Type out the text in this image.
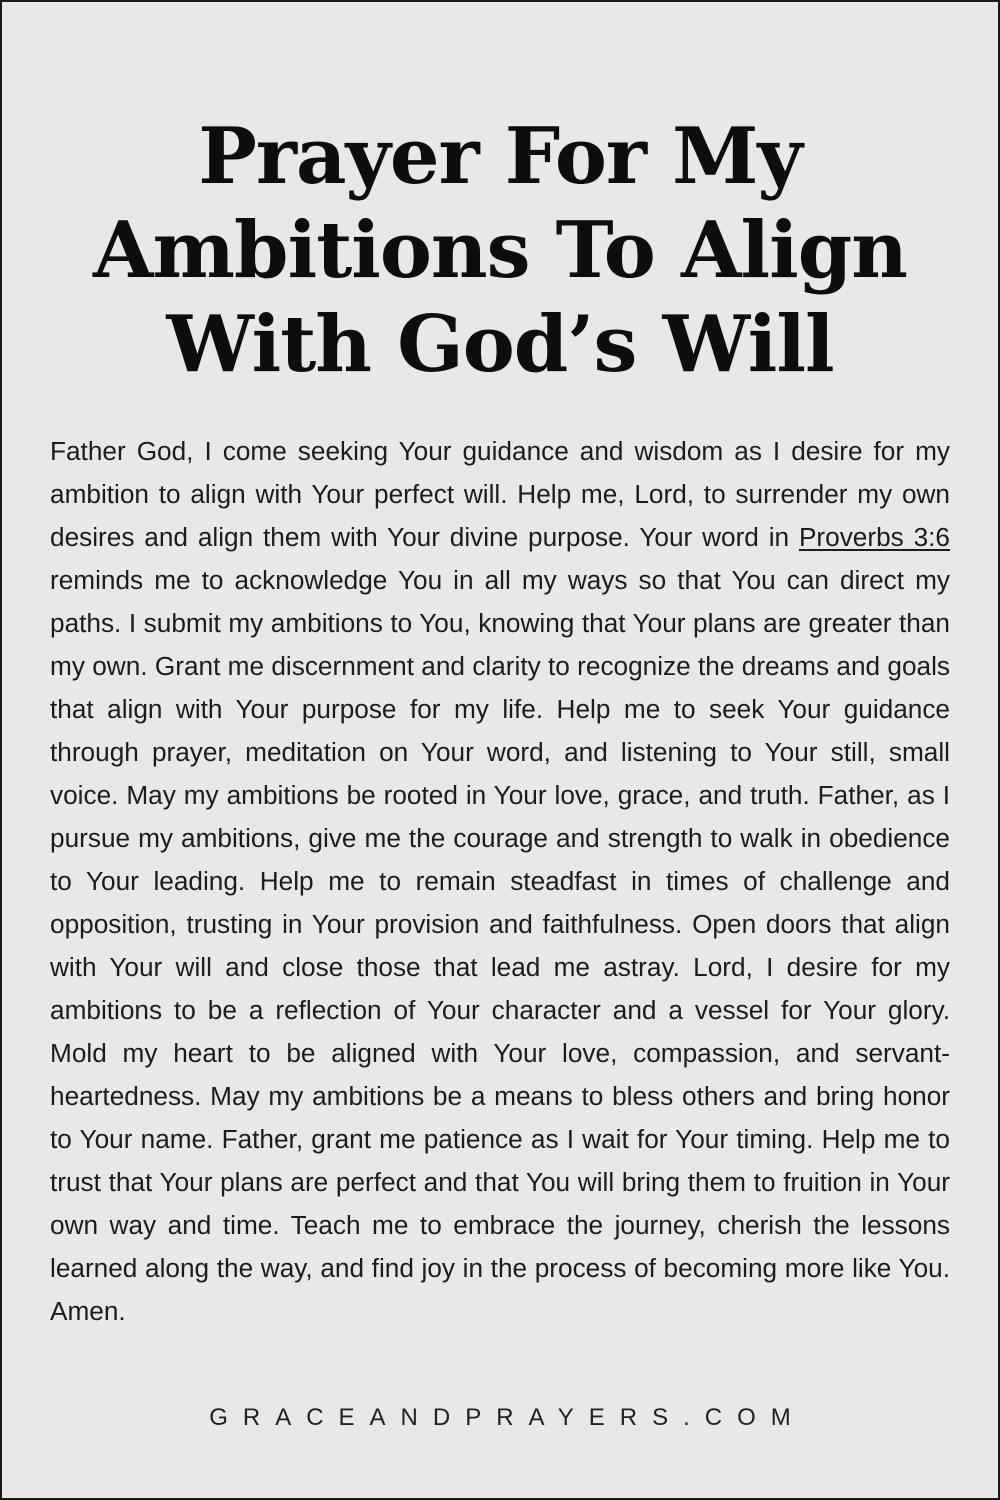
Prayer For My Ambitions To Align With God’s Will

Father God, I come seeking Your guidance and wisdom as I desire for my ambition to align with Your perfect will. Help me, Lord, to surrender my own desires and align them with Your divine purpose. Your word in Proverbs 3:6 reminds me to acknowledge You in all my ways so that You can direct my paths. I submit my ambitions to You, knowing that Your plans are greater than my own. Grant me discernment and clarity to recognize the dreams and goals that align with Your purpose for my life. Help me to seek Your guidance through prayer, meditation on Your word, and listening to Your still, small voice. May my ambitions be rooted in Your love, grace, and truth. Father, as I pursue my ambitions, give me the courage and strength to walk in obedience to Your leading. Help me to remain steadfast in times of challenge and opposition, trusting in Your provision and faithfulness. Open doors that align with Your will and close those that lead me astray. Lord, I desire for my ambitions to be a reflection of Your character and a vessel for Your glory. Mold my heart to be aligned with Your love, compassion, and servant-heartedness. May my ambitions be a means to bless others and bring honor to Your name. Father, grant me patience as I wait for Your timing. Help me to trust that Your plans are perfect and that You will bring them to fruition in Your own way and time. Teach me to embrace the journey, cherish the lessons learned along the way, and find joy in the process of becoming more like You. Amen.

GRACEANDPRAYERS.COM
